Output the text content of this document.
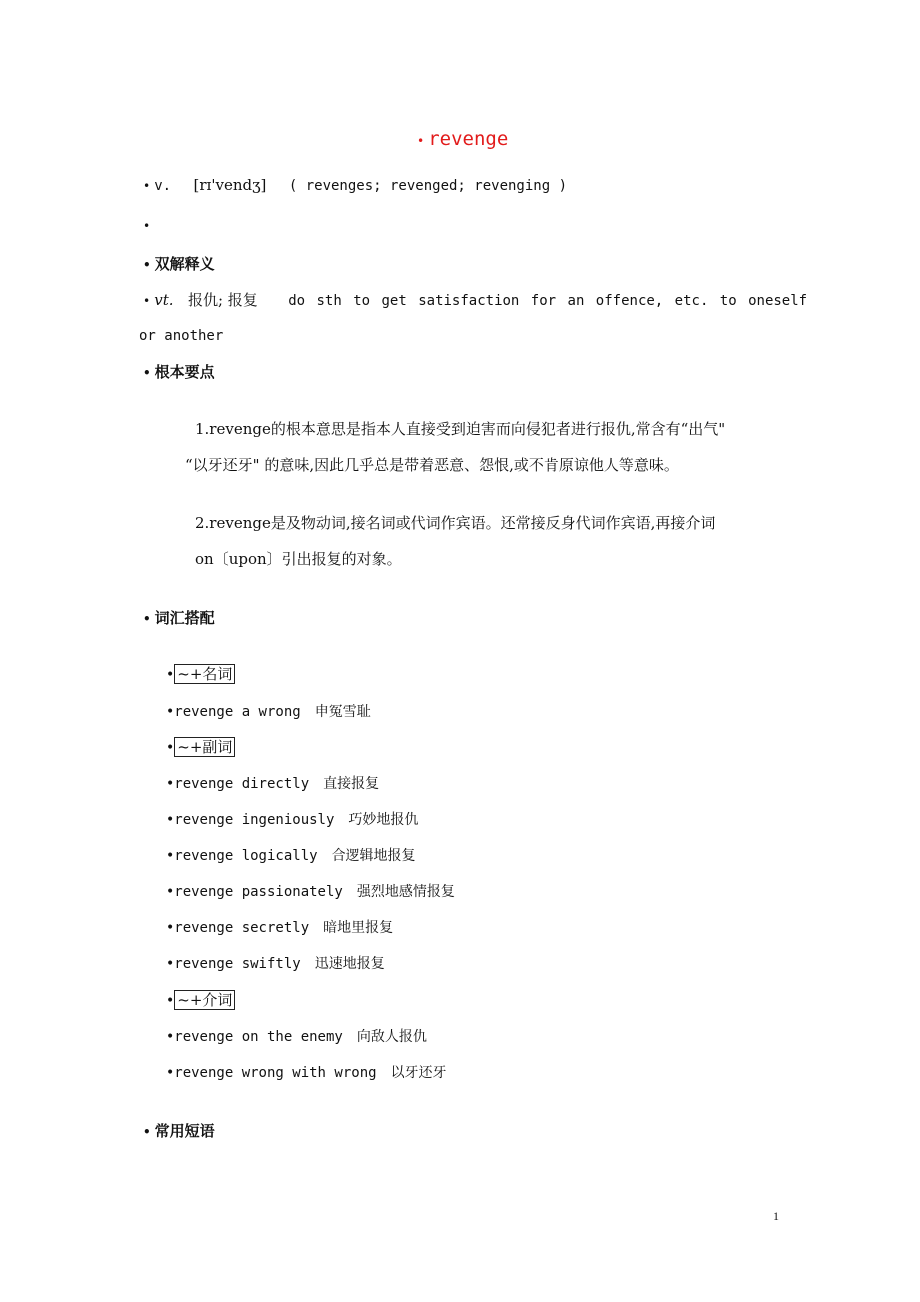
• revenge
• v. [rɪ'vendʒ] ( revenges; revenged; revenging )
•
• 双解释义
• vt. 报仇; 报复 do sth to get satisfaction for an offence, etc. to oneself
or another
• 根本要点
1.revenge的根本意思是指本人直接受到迫害而向侵犯者进行报仇,常含有“出气"
“以牙还牙" 的意味,因此几乎总是带着恶意、怨恨,或不肯原谅他人等意味。
2.revenge是及物动词,接名词或代词作宾语。还常接反身代词作宾语,再接介词
on〔upon〕引出报复的对象。
• 词汇搭配
• ~+名词
•revenge a wrong 申冤雪耻
• ~+副词
•revenge directly 直接报复
•revenge ingeniously 巧妙地报仇
•revenge logically 合逻辑地报复
•revenge passionately 强烈地感情报复
•revenge secretly 暗地里报复
•revenge swiftly 迅速地报复
• ~+介词
•revenge on the enemy 向敌人报仇
•revenge wrong with wrong 以牙还牙
• 常用短语
1
